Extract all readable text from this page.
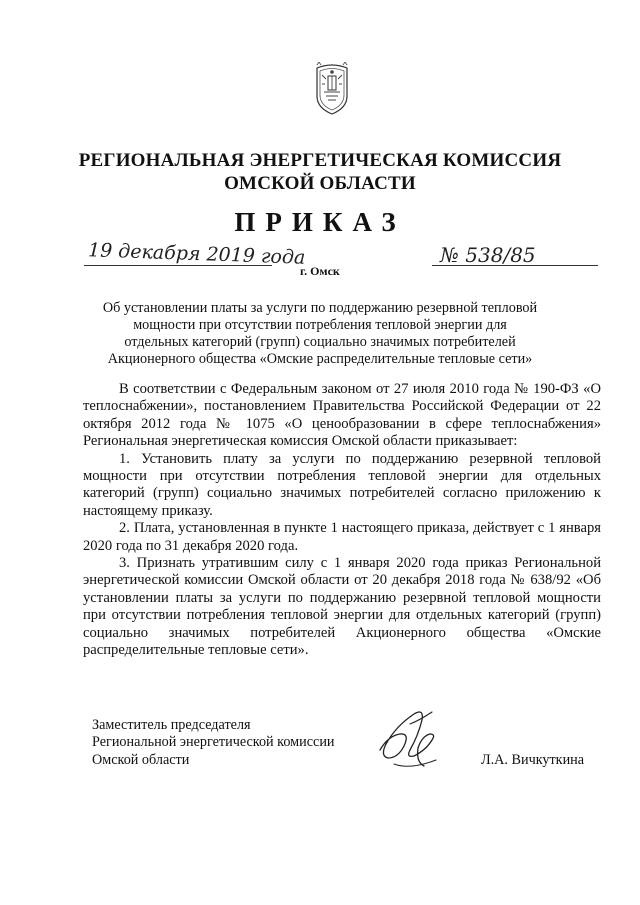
РЕГИОНАЛЬНАЯ ЭНЕРГЕТИЧЕСКАЯ КОМИССИЯ
ОМСКОЙ ОБЛАСТИ
ПРИКАЗ
19 декабря 2019 года
г. Омск
№ 538/85
Об установлении платы за услуги по поддержанию резервной тепловой мощности при отсутствии потребления тепловой энергии для отдельных категорий (групп) социально значимых потребителей Акционерного общества «Омские распределительные тепловые сети»

В соответствии с Федеральным законом от 27 июля 2010 года № 190-ФЗ «О теплоснабжении», постановлением Правительства Российской Федерации от 22 октября 2012 года № 1075 «О ценообразовании в сфере теплоснабжения» Региональная энергетическая комиссия Омской области приказывает:

1. Установить плату за услуги по поддержанию резервной тепловой мощности при отсутствии потребления тепловой энергии для отдельных категорий (групп) социально значимых потребителей согласно приложению к настоящему приказу.

2. Плата, установленная в пункте 1 настоящего приказа, действует с 1 января 2020 года по 31 декабря 2020 года.

3. Признать утратившим силу с 1 января 2020 года приказ Региональной энергетической комиссии Омской области от 20 декабря 2018 года № 638/92 «Об установлении платы за услуги по поддержанию резервной тепловой мощности при отсутствии потребления тепловой энергии для отдельных категорий (групп) социально значимых потребителей Акционерного общества «Омские распределительные тепловые сети».

Заместитель председателя
Региональной энергетической комиссии
Омской области	Л.А. Вичкуткина
